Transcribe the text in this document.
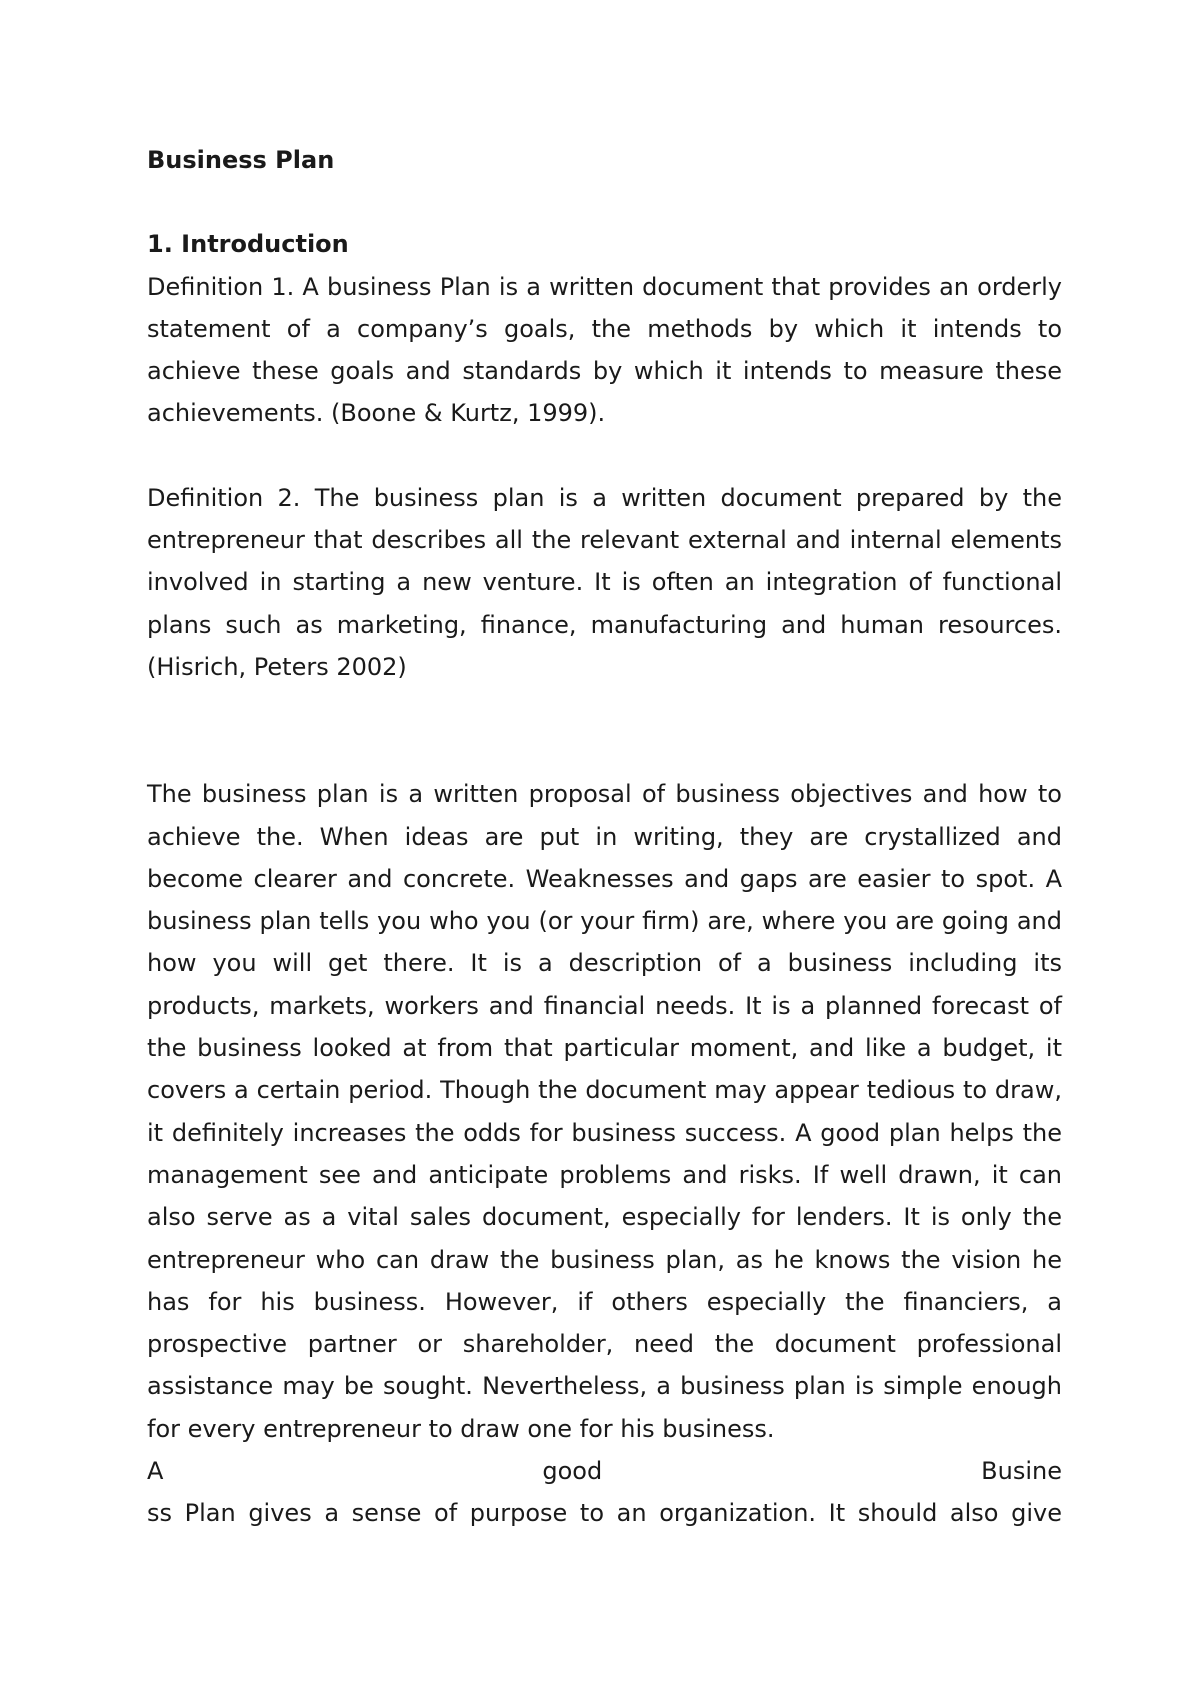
Business Plan

1. Introduction

Definition 1. A business Plan is a written document that provides an orderly statement of a company’s goals, the methods by which it intends to achieve these goals and standards by which it intends to measure these achievements. (Boone & Kurtz, 1999).

Definition 2. The business plan is a written document prepared by the entrepreneur that describes all the relevant external and internal elements involved in starting a new venture. It is often an integration of functional plans such as marketing, finance, manufacturing and human resources. (Hisrich, Peters 2002)

The business plan is a written proposal of business objectives and how to achieve the. When ideas are put in writing, they are crystallized and become clearer and concrete. Weaknesses and gaps are easier to spot. A business plan tells you who you (or your firm) are, where you are going and how you will get there. It is a description of a business including its products, markets, workers and financial needs. It is a planned forecast of the business looked at from that particular moment, and like a budget, it covers a certain period. Though the document may appear tedious to draw, it definitely increases the odds for business success. A good plan helps the management see and anticipate problems and risks. If well drawn, it can also serve as a vital sales document, especially for lenders. It is only the entrepreneur who can draw the business plan, as he knows the vision he has for his business. However, if others especially the financiers, a prospective partner or shareholder, need the document professional assistance may be sought. Nevertheless, a business plan is simple enough for every entrepreneur to draw one for his business.

A good Busine

ss Plan gives a sense of purpose to an organization. It should also give
